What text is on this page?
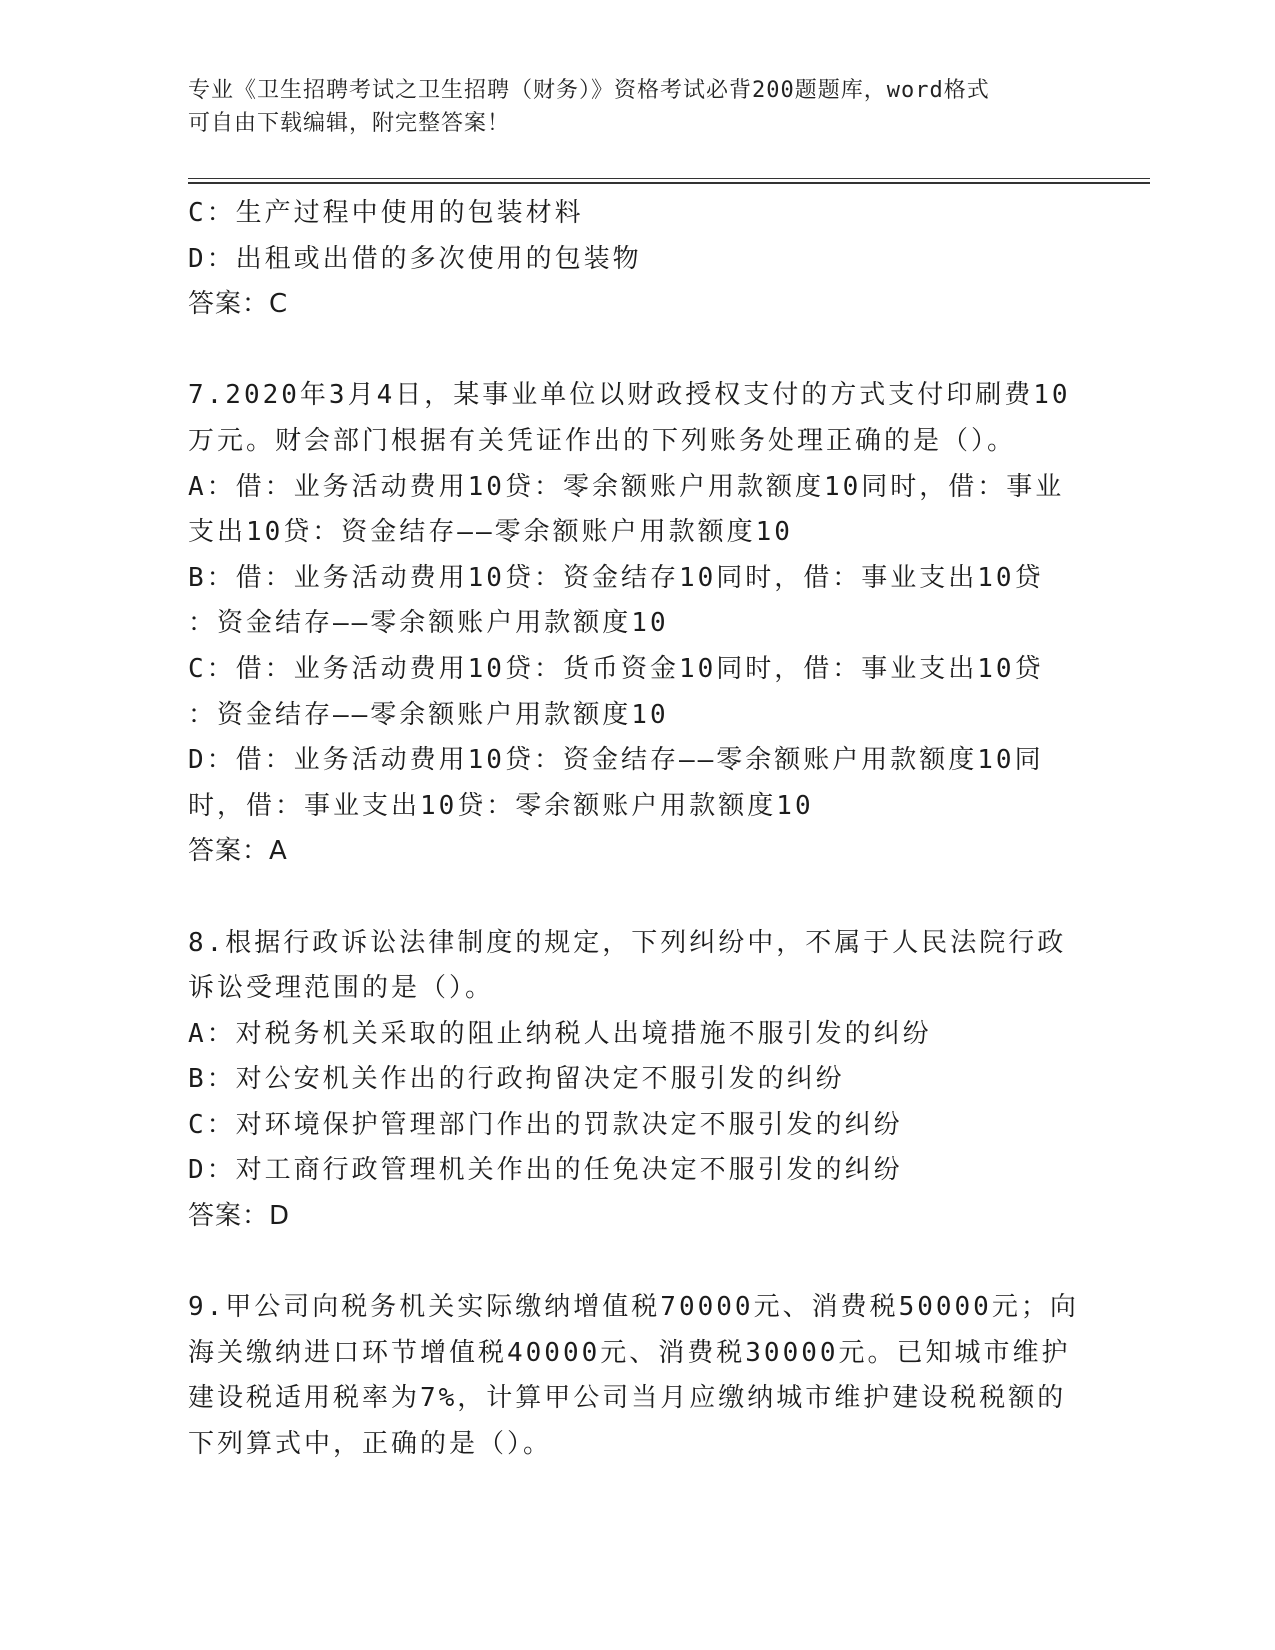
专业《卫生招聘考试之卫生招聘（财务）》资格考试必背200题题库，word格式
可自由下载编辑，附完整答案！
C：生产过程中使用的包装材料
D：出租或出借的多次使用的包装物
答案：C
7.2020年3月4日，某事业单位以财政授权支付的方式支付印刷费10
万元。财会部门根据有关凭证作出的下列账务处理正确的是（）。
A：借：业务活动费用10贷：零余额账户用款额度10同时，借：事业
支出10贷：资金结存——零余额账户用款额度10
B：借：业务活动费用10贷：资金结存10同时，借：事业支出10贷
：资金结存——零余额账户用款额度10
C：借：业务活动费用10贷：货币资金10同时，借：事业支出10贷
：资金结存——零余额账户用款额度10
D：借：业务活动费用10贷：资金结存——零余额账户用款额度10同
时，借：事业支出10贷：零余额账户用款额度10
答案：A
8.根据行政诉讼法律制度的规定，下列纠纷中，不属于人民法院行政
诉讼受理范围的是（）。
A：对税务机关采取的阻止纳税人出境措施不服引发的纠纷
B：对公安机关作出的行政拘留决定不服引发的纠纷
C：对环境保护管理部门作出的罚款决定不服引发的纠纷
D：对工商行政管理机关作出的任免决定不服引发的纠纷
答案：D
9.甲公司向税务机关实际缴纳增值税70000元、消费税50000元；向
海关缴纳进口环节增值税40000元、消费税30000元。已知城市维护
建设税适用税率为7%，计算甲公司当月应缴纳城市维护建设税税额的
下列算式中，正确的是（）。
